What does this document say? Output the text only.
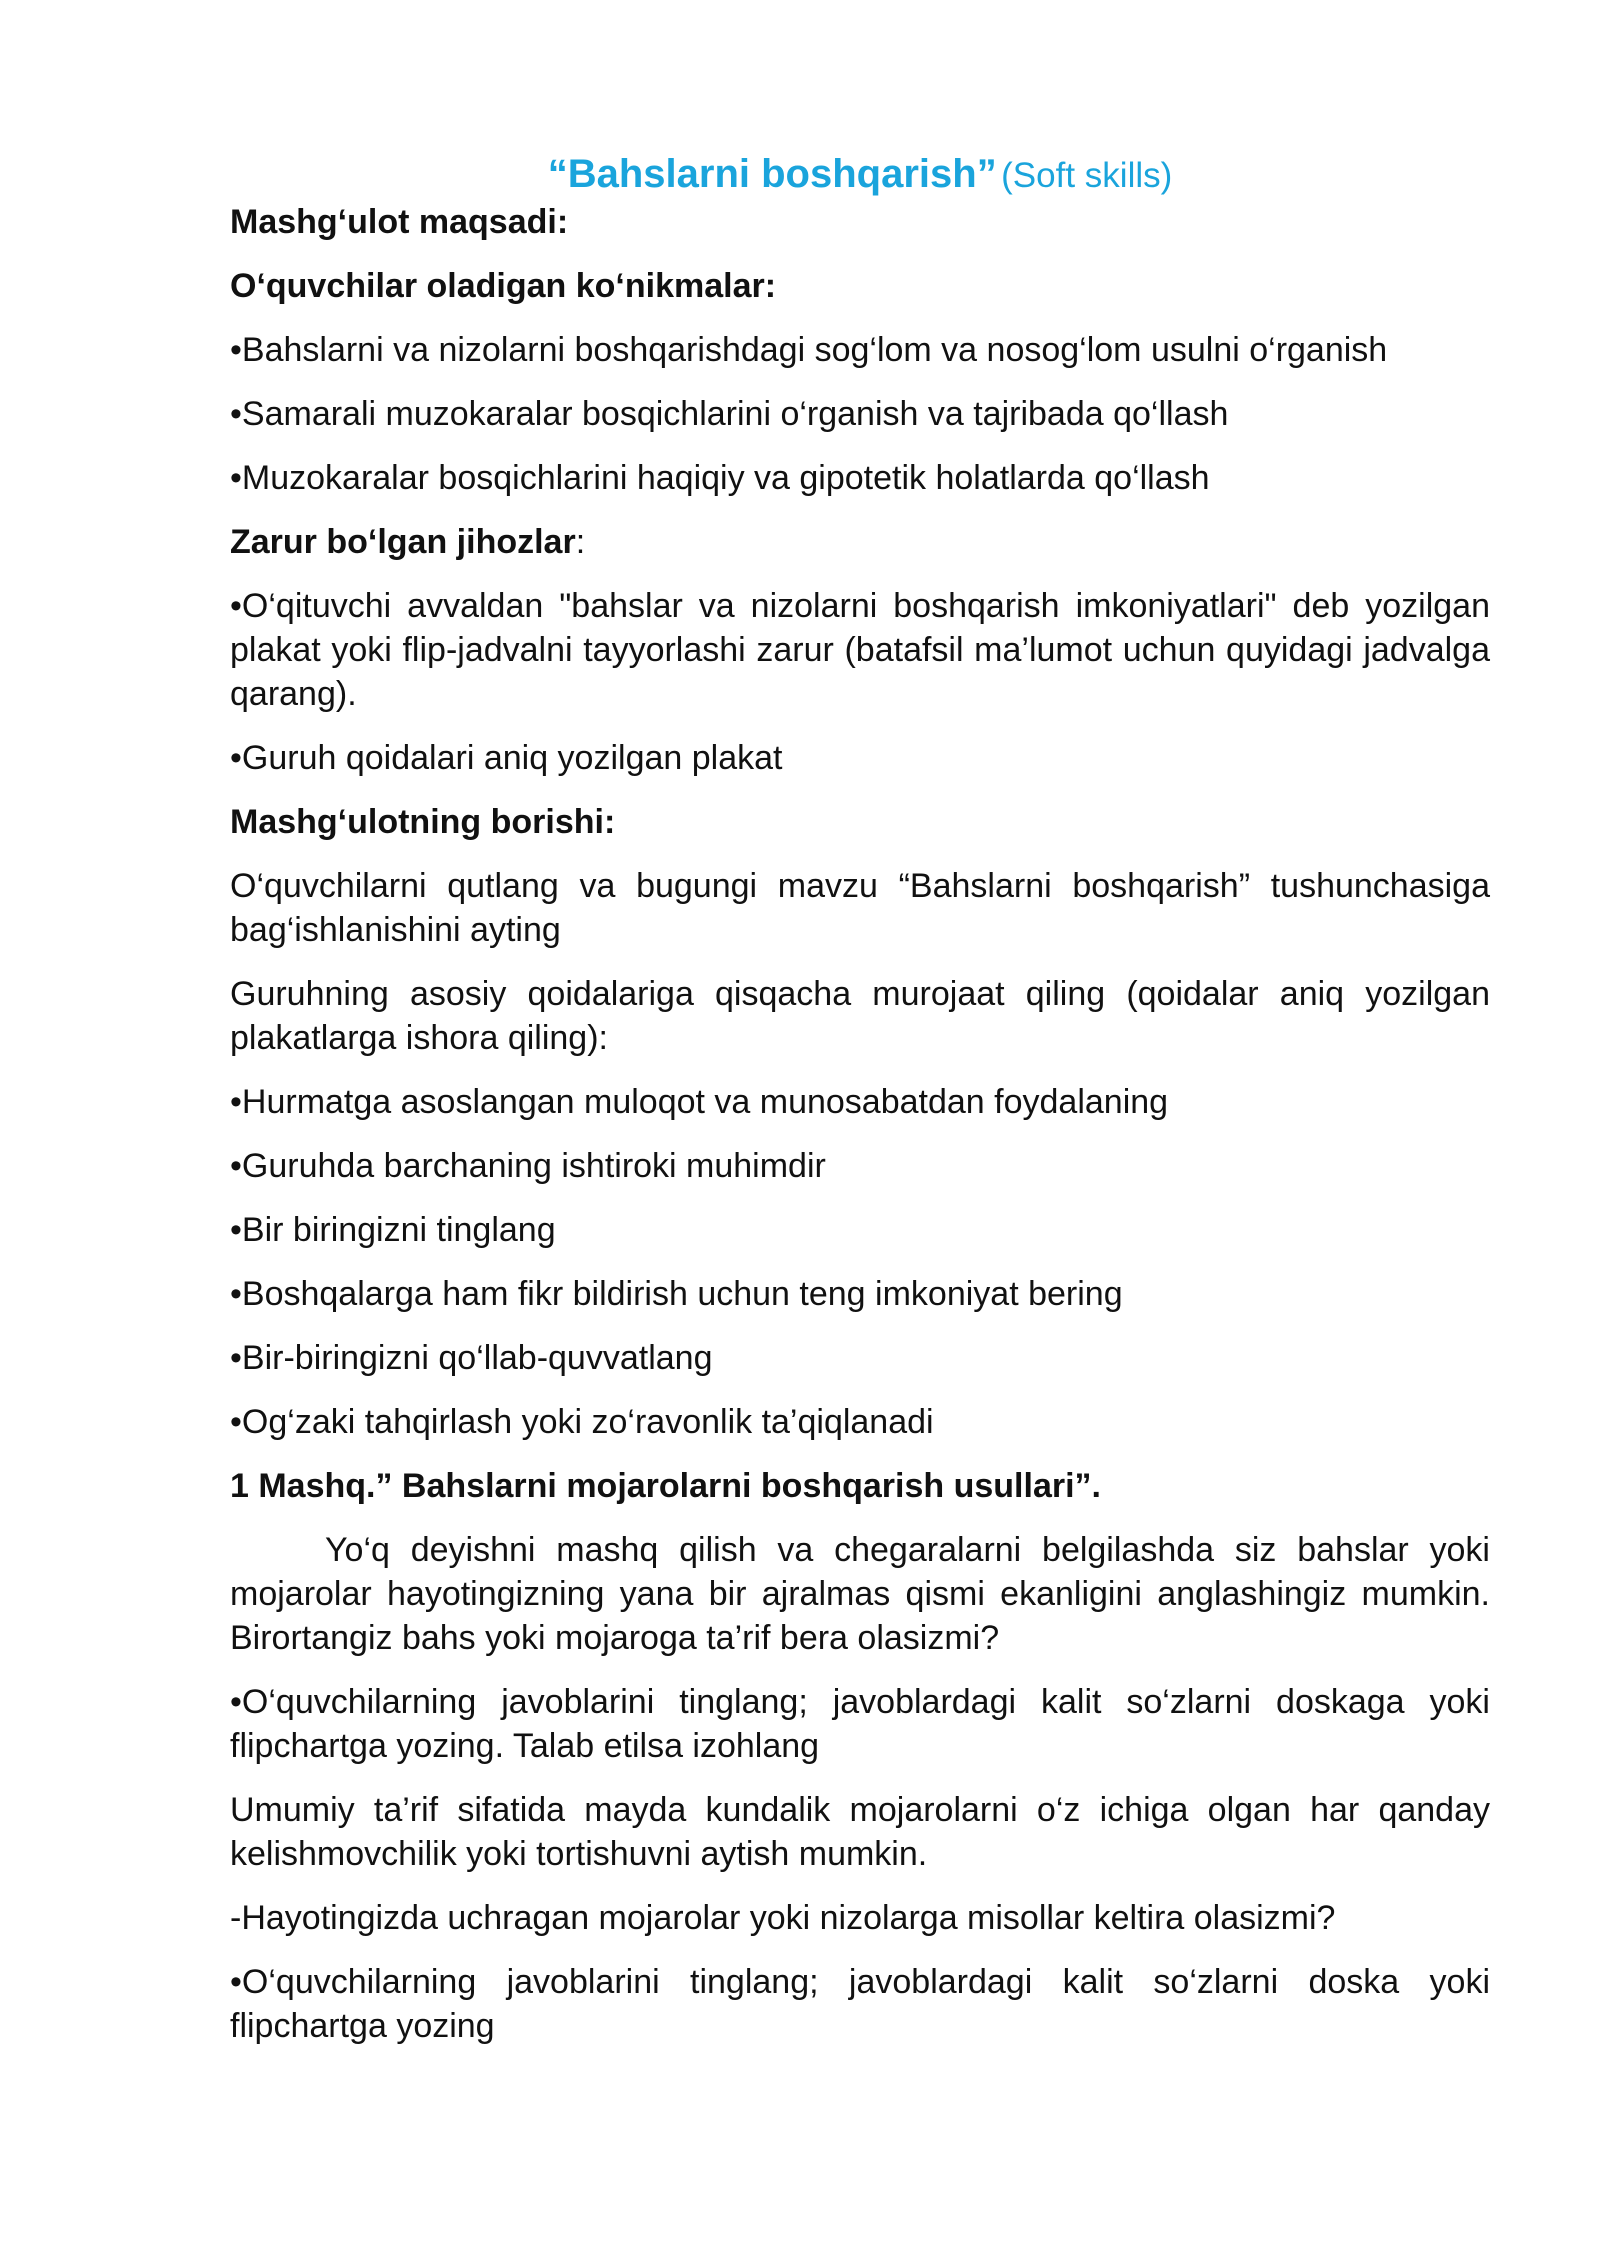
“Bahslarni boshqarish” (Soft skills)
Mashg‘ulot maqsadi:
O‘quvchilar oladigan ko‘nikmalar:
•Bahslarni va nizolarni boshqarishdagi sog‘lom va nosog‘lom usulni o‘rganish
•Samarali muzokaralar bosqichlarini o‘rganish va tajribada qo‘llash
•Muzokaralar bosqichlarini haqiqiy va gipotetik holatlarda qo‘llash
Zarur bo‘lgan jihozlar:
•O‘qituvchi avvaldan "bahslar va nizolarni boshqarish imkoniyatlari" deb yozilgan plakat yoki flip-jadvalni tayyorlashi zarur (batafsil ma’lumot uchun quyidagi jadvalga qarang).
•Guruh qoidalari aniq yozilgan plakat
Mashg‘ulotning borishi:
O‘quvchilarni qutlang va bugungi mavzu “Bahslarni boshqarish” tushunchasiga bag‘ishlanishini ayting
Guruhning asosiy qoidalariga qisqacha murojaat qiling (qoidalar aniq yozilgan plakatlarga ishora qiling):
•Hurmatga asoslangan muloqot va munosabatdan foydalaning
•Guruhda barchaning ishtiroki muhimdir
•Bir biringizni tinglang
•Boshqalarga ham fikr bildirish uchun teng imkoniyat bering
•Bir-biringizni qo‘llab-quvvatlang
•Og‘zaki tahqirlash yoki zo‘ravonlik ta’qiqlanadi
1 Mashq.” Bahslarni mojarolarni boshqarish usullari”.
Yo‘q deyishni mashq qilish va chegaralarni belgilashda siz bahslar yoki mojarolar hayotingizning yana bir ajralmas qismi ekanligini anglashingiz mumkin. Birortangiz bahs yoki mojaroga ta’rif bera olasizmi?
•O‘quvchilarning javoblarini tinglang; javoblardagi kalit so‘zlarni doskaga yoki flipchartga yozing. Talab etilsa izohlang
Umumiy ta’rif sifatida mayda kundalik mojarolarni o‘z ichiga olgan har qanday kelishmovchilik yoki tortishuvni aytish mumkin.
-Hayotingizda uchragan mojarolar yoki nizolarga misollar keltira olasizmi?
•O‘quvchilarning javoblarini tinglang; javoblardagi kalit so‘zlarni doska yoki flipchartga yozing
